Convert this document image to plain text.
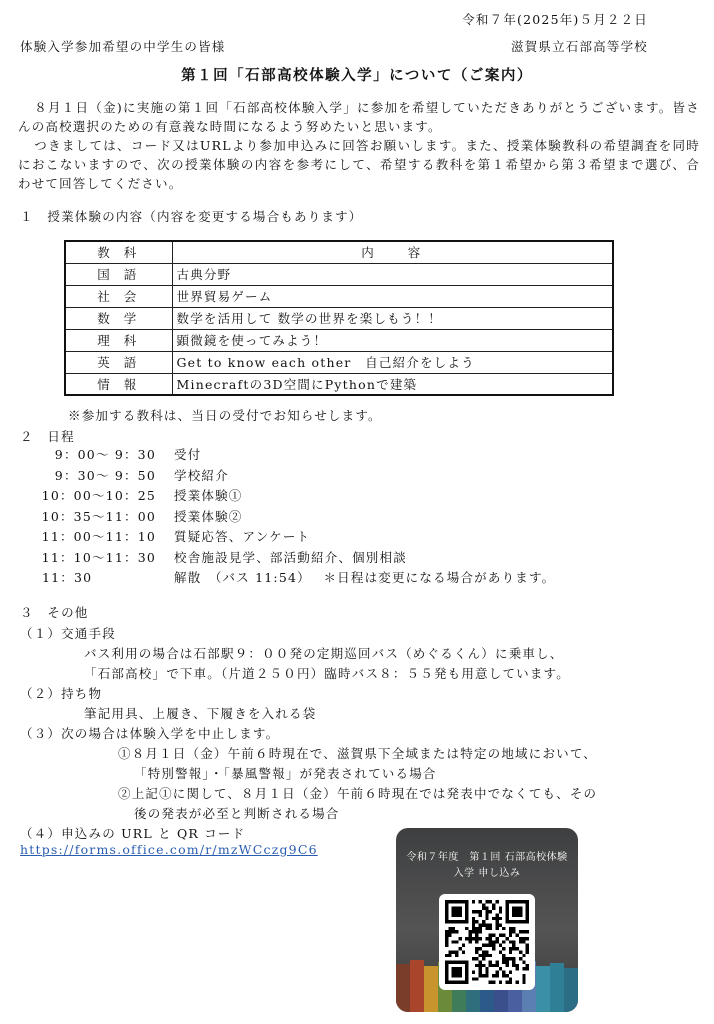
令和７年(2025年)５月２２日
体験入学参加希望の中学生の皆様	滋賀県立石部高等学校
第１回「石部高校体験入学」について（ご案内）

８月１日（金)に実施の第１回「石部高校体験入学」に参加を希望していただきありがとうございます。皆さんの高校選択のための有意義な時間になるよう努めたいと思います。

つきましては、コード又はURLより参加申込みに回答お願いします。また、授業体験教科の希望調査を同時におこないますので、次の授業体験の内容を参考にして、希望する教科を第１希望から第３希望まで選び、合わせて回答してください。

１　授業体験の内容（内容を変更する場合もあります）
教科	内　　容
国語	古典分野
社会	世界貿易ゲーム
数学	数学を活用して 数学の世界を楽しもう！！
理科	顕微鏡を使ってみよう！
英語	Get to know each other　自己紹介をしよう
情報	Minecraftの3D空間にPythonで建築
※参加する教科は、当日の受付でお知らせします。
２　日程
9：00～ 9：30 受付
9：30～ 9：50 学校紹介
10：00～10：25 授業体験①
10：35～11：00 授業体験②
11：00～11：10 質疑応答、アンケート
11：10～11：30 校舎施設見学、部活動紹介、個別相談
11：30	解散　（バス 11:54）　 ＊日程は変更になる場合があります。
３　その他
（１）交通手段
バス利用の場合は石部駅９：００発の定期巡回バス（めぐるくん）に乗車し、
「石部高校」で下車。（片道２５０円）臨時バス８：５５発も用意しています。
（２）持ち物
筆記用具、上履き、下履きを入れる袋
（３）次の場合は体験入学を中止します。
①８月１日（金）午前６時現在で、滋賀県下全域または特定の地域において、
「特別警報」・「暴風警報」が発表されている場合
②上記①に関して、８月１日（金）午前６時現在では発表中でなくても、その
後の発表が必至と判断される場合
（４）申込みの URL と QR コード
https://forms.office.com/r/mzWCczg9C6
令和７年度　第１回 石部高校体験
入学 申し込み
